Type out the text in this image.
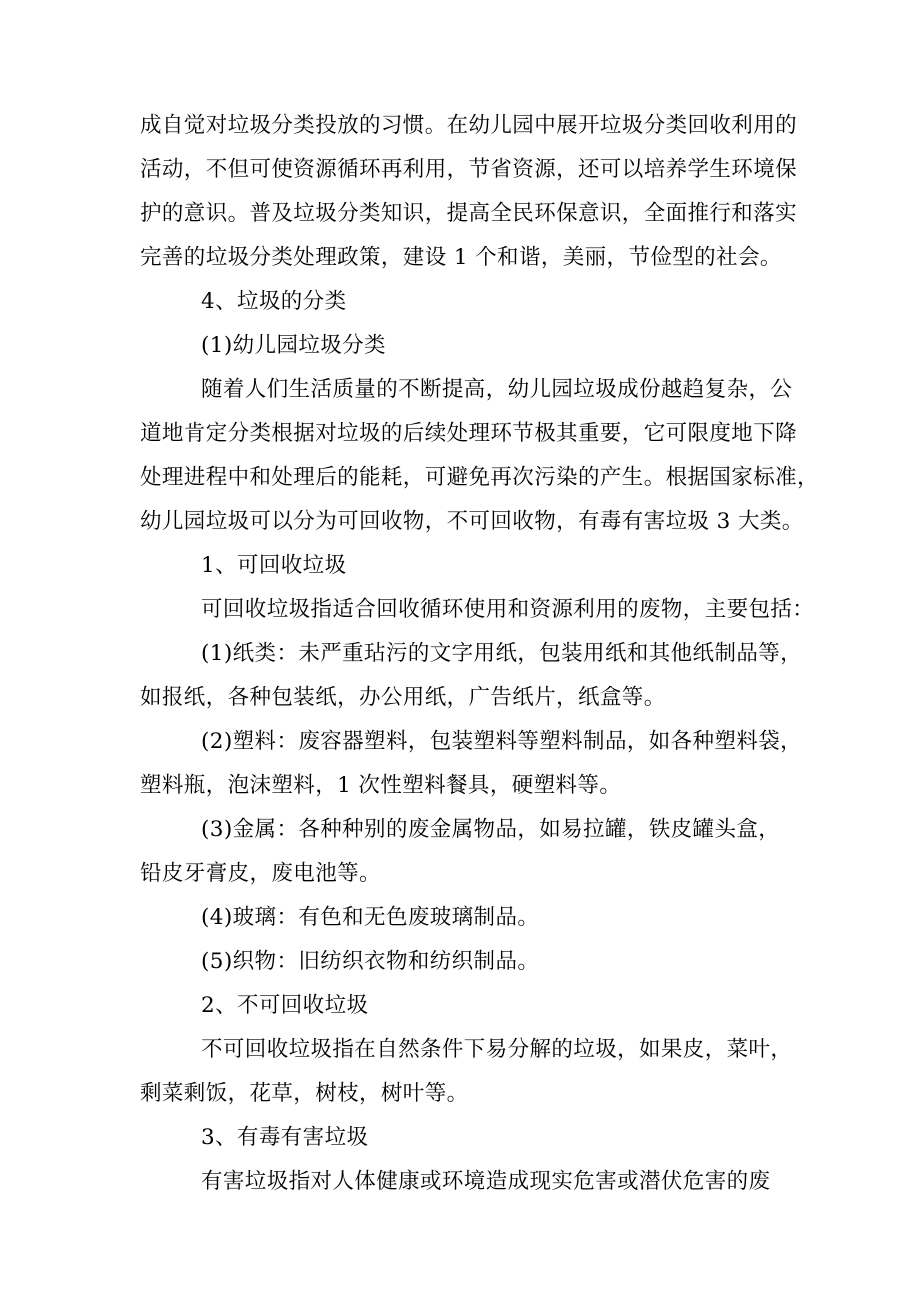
成自觉对垃圾分类投放的习惯。在幼儿园中展开垃圾分类回收利用的
活动，不但可使资源循环再利用，节省资源，还可以培养学生环境保
护的意识。普及垃圾分类知识，提高全民环保意识，全面推行和落实
完善的垃圾分类处理政策，建设 1 个和谐，美丽，节俭型的社会。
4、垃圾的分类
(1)幼儿园垃圾分类
随着人们生活质量的不断提高，幼儿园垃圾成份越趋复杂，公
道地肯定分类根据对垃圾的后续处理环节极其重要，它可限度地下降
处理进程中和处理后的能耗，可避免再次污染的产生。根据国家标准，
幼儿园垃圾可以分为可回收物，不可回收物，有毒有害垃圾 3 大类。
1、可回收垃圾
可回收垃圾指适合回收循环使用和资源利用的废物，主要包括：
(1)纸类：未严重玷污的文字用纸，包装用纸和其他纸制品等，
如报纸，各种包装纸，办公用纸，广告纸片，纸盒等。
(2)塑料：废容器塑料，包装塑料等塑料制品，如各种塑料袋，
塑料瓶，泡沫塑料，1 次性塑料餐具，硬塑料等。
(3)金属：各种种别的废金属物品，如易拉罐，铁皮罐头盒，
铅皮牙膏皮，废电池等。
(4)玻璃：有色和无色废玻璃制品。
(5)织物：旧纺织衣物和纺织制品。
2、不可回收垃圾
不可回收垃圾指在自然条件下易分解的垃圾，如果皮，菜叶，
剩菜剩饭，花草，树枝，树叶等。
3、有毒有害垃圾
有害垃圾指对人体健康或环境造成现实危害或潜伏危害的废
